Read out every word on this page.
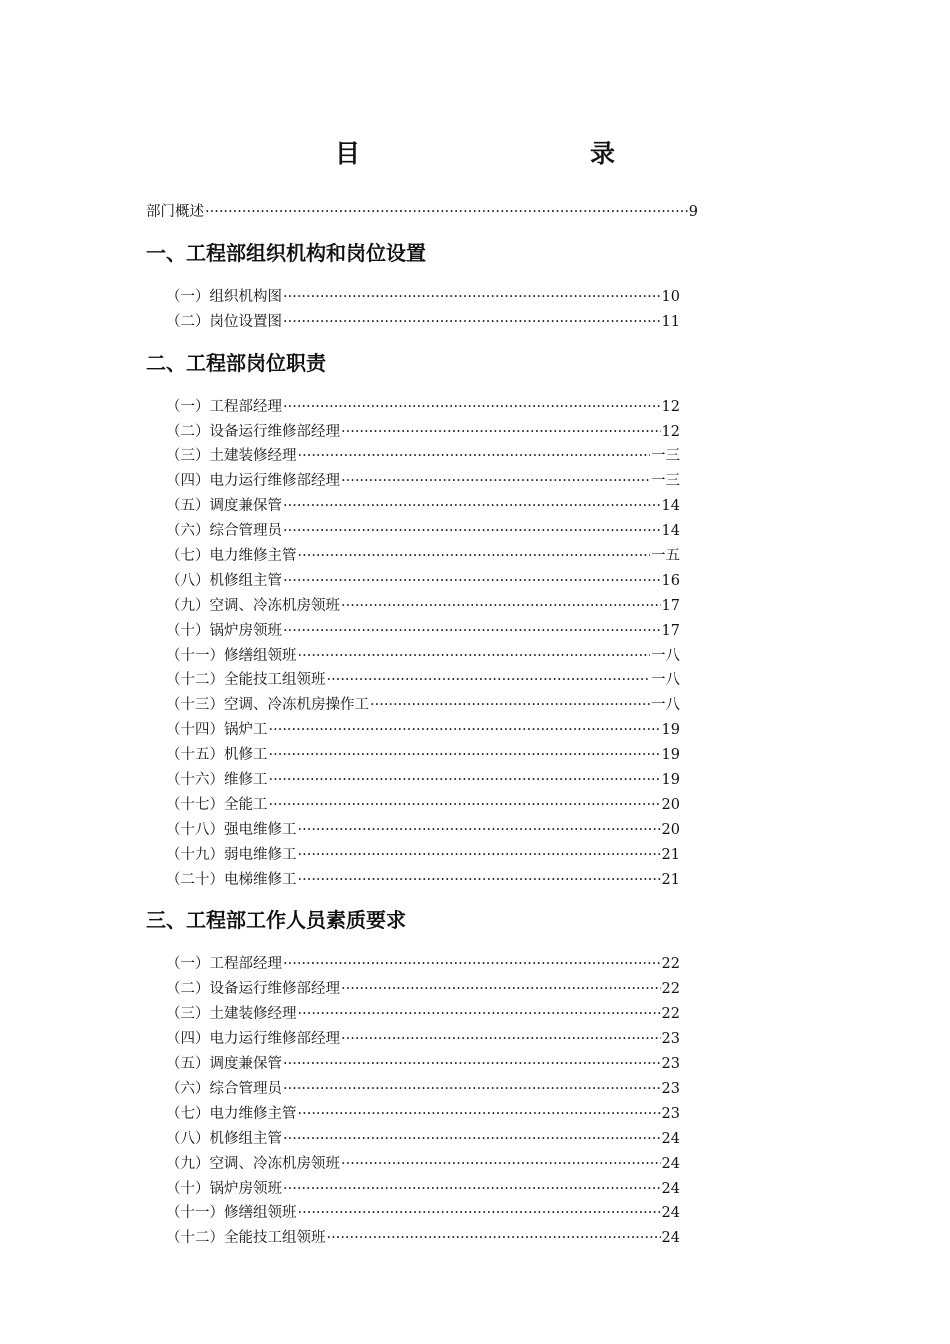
目　　录
部门概述 ·····	9
一、工程部组织机构和岗位设置
（一）组织机构图 ·····	10
（二）岗位设置图 ·····	11
二、工程部岗位职责
（一）工程部经理 ·····	12
（二）设备运行维修部经理 ·····	12
（三）土建装修经理 ·····	一三
（四）电力运行维修部经理 ·····	一三
（五）调度兼保管 ·····	14
（六）综合管理员 ·····	14
（七）电力维修主管 ·····	一五
（八）机修组主管 ·····	16
（九）空调、冷冻机房领班 ·····	17
（十）锅炉房领班 ·····	17
（十一）修缮组领班 ·····	一八
（十二）全能技工组领班 ·····	一八
（十三）空调、冷冻机房操作工 ·····	一八
（十四）锅炉工 ·····	19
（十五）机修工 ·····	19
（十六）维修工 ·····	19
（十七）全能工 ·····	20
（十八）强电维修工 ·····	20
（十九）弱电维修工 ·····	21
（二十）电梯维修工 ·····	21
三、工程部工作人员素质要求
（一）工程部经理 ·····	22
（二）设备运行维修部经理 ·····	22
（三）土建装修经理 ·····	22
（四）电力运行维修部经理 ·····	23
（五）调度兼保管 ·····	23
（六）综合管理员 ·····	23
（七）电力维修主管 ·····	23
（八）机修组主管 ·····	24
（九）空调、冷冻机房领班 ·····	24
（十）锅炉房领班 ·····	24
（十一）修缮组领班 ·····	24
（十二）全能技工组领班 ·····	24
